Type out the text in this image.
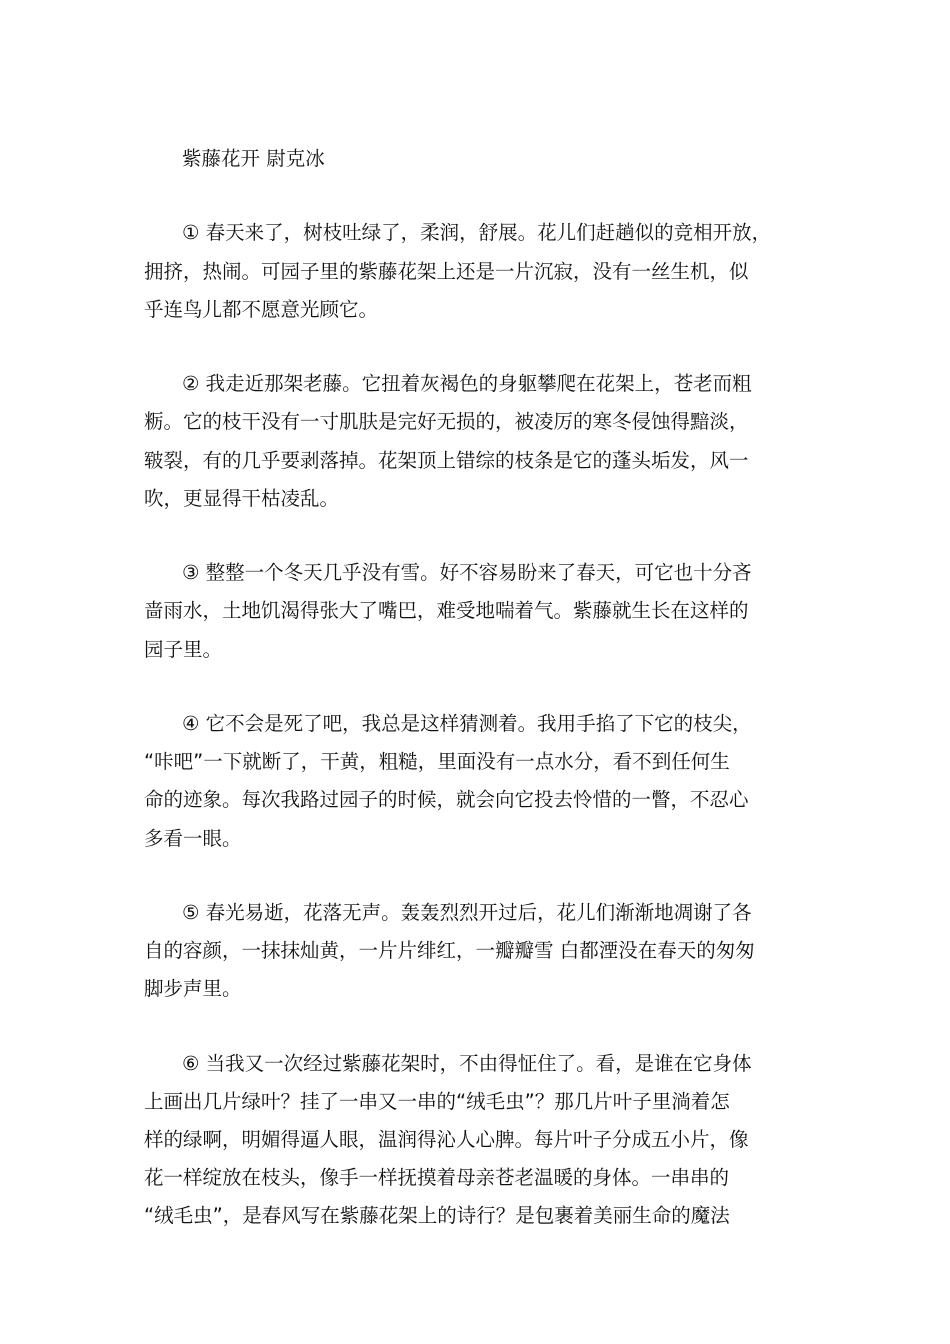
紫藤花开 尉克冰
① 春天来了，树枝吐绿了，柔润，舒展。花儿们赶趟似的竞相开放，
拥挤，热闹。可园子里的紫藤花架上还是一片沉寂，没有一丝生机，似
乎连鸟儿都不愿意光顾它。
② 我走近那架老藤。它扭着灰褐色的身躯攀爬在花架上，苍老而粗
粝。它的枝干没有一寸肌肤是完好无损的，被凌厉的寒冬侵蚀得黯淡，
皲裂，有的几乎要剥落掉。花架顶上错综的枝条是它的蓬头垢发，风一
吹，更显得干枯凌乱。
③ 整整一个冬天几乎没有雪。好不容易盼来了春天，可它也十分吝
啬雨水，土地饥渴得张大了嘴巴，难受地喘着气。紫藤就生长在这样的
园子里。
④ 它不会是死了吧，我总是这样猜测着。我用手掐了下它的枝尖，
“咔吧”一下就断了，干黄，粗糙，里面没有一点水分，看不到任何生
命的迹象。每次我路过园子的时候，就会向它投去怜惜的一瞥，不忍心
多看一眼。
⑤ 春光易逝，花落无声。轰轰烈烈开过后，花儿们渐渐地凋谢了各
自的容颜，一抹抹灿黄，一片片绯红，一瓣瓣雪 白都湮没在春天的匆匆
脚步声里。
⑥ 当我又一次经过紫藤花架时，不由得怔住了。看，是谁在它身体
上画出几片绿叶？挂了一串又一串的“绒毛虫”？那几片叶子里淌着怎
样的绿啊，明媚得逼人眼，温润得沁人心脾。每片叶子分成五小片，像
花一样绽放在枝头，像手一样抚摸着母亲苍老温暖的身体。一串串的
“绒毛虫”，是春风写在紫藤花架上的诗行？是包裹着美丽生命的魔法
